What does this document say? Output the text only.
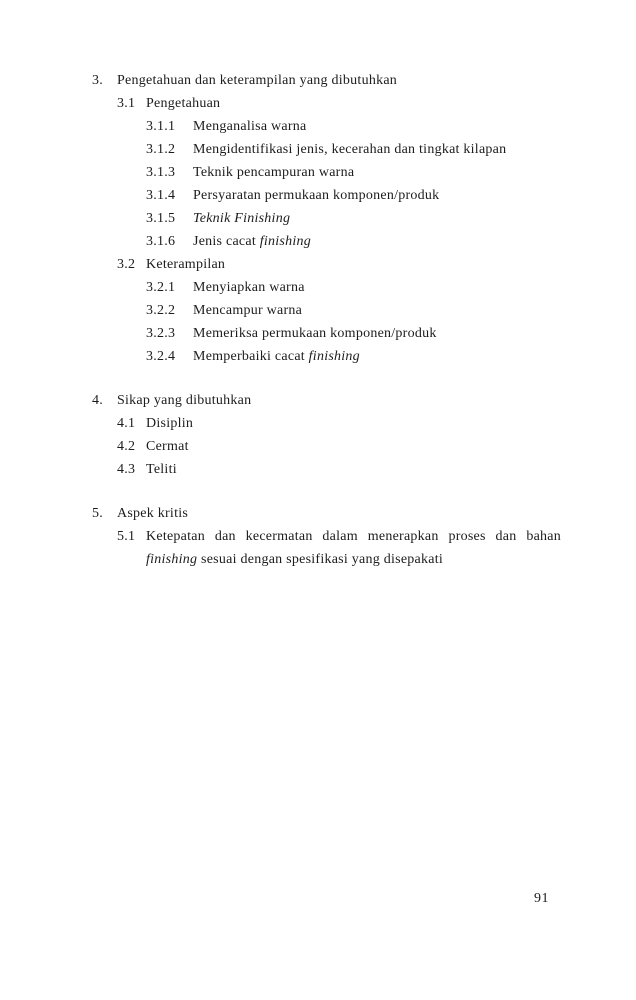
3.	Pengetahuan dan keterampilan yang dibutuhkan
3.1 Pengetahuan
3.1.1	Menganalisa warna
3.1.2	Mengidentifikasi jenis, kecerahan dan tingkat kilapan
3.1.3	Teknik pencampuran warna
3.1.4	Persyaratan permukaan komponen/produk
3.1.5	Teknik Finishing
3.1.6	Jenis cacat finishing
3.2 Keterampilan
3.2.1	Menyiapkan warna
3.2.2	Mencampur warna
3.2.3	Memeriksa permukaan komponen/produk
3.2.4	Memperbaiki cacat finishing
4.	Sikap yang dibutuhkan
4.1 Disiplin
4.2 Cermat
4.3 Teliti
5.	Aspek kritis
5.1 Ketepatan dan kecermatan dalam menerapkan proses dan bahan finishing sesuai dengan spesifikasi yang disepakati
91
